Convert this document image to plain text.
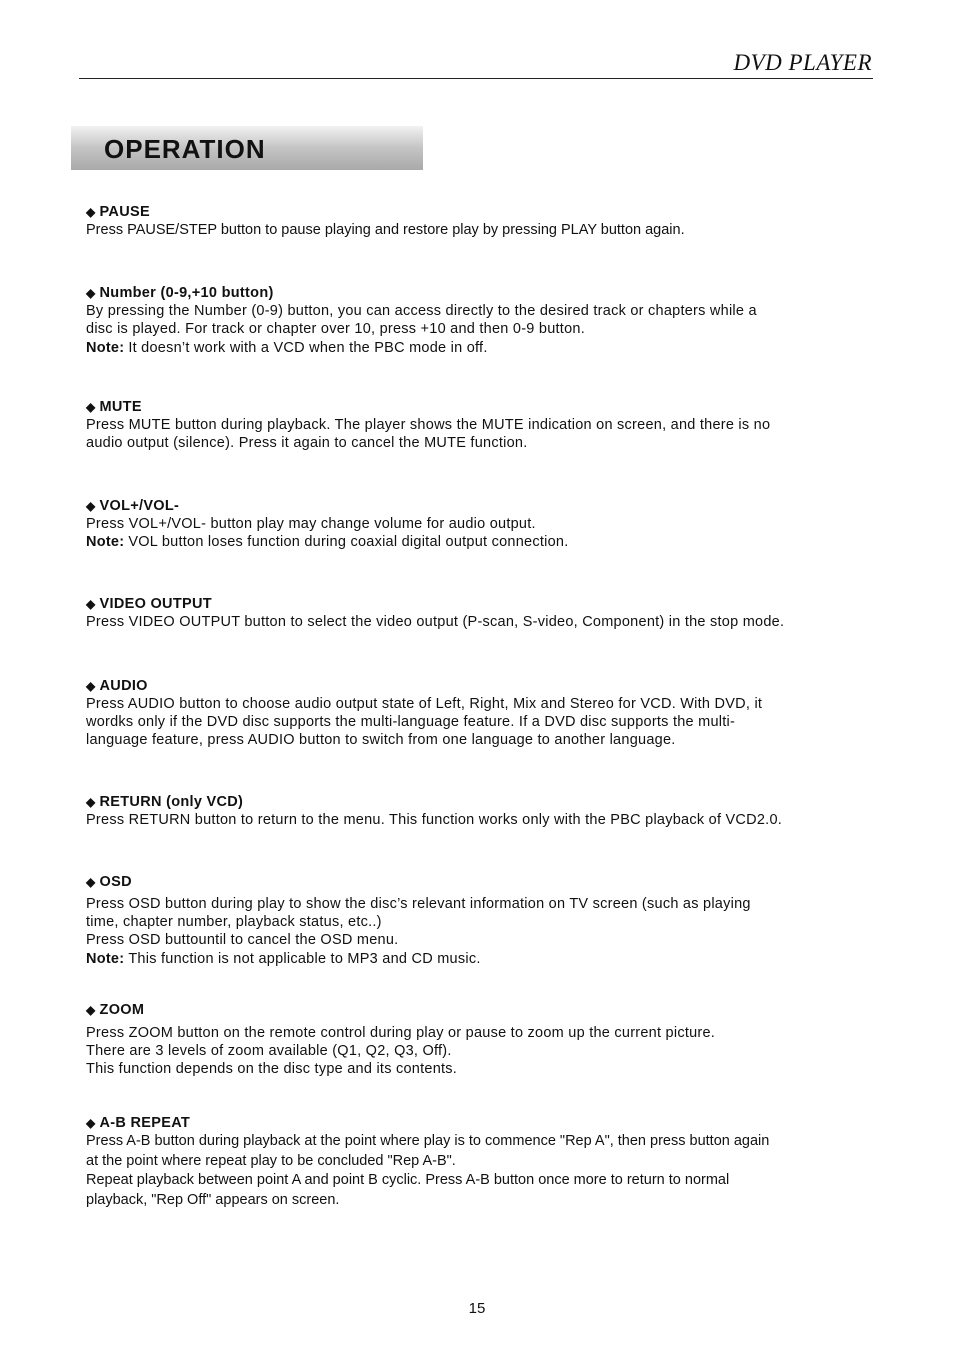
DVD PLAYER
OPERATION
◆ PAUSE
Press PAUSE/STEP button to pause playing and restore play by pressing PLAY button again.
◆ Number (0-9,+10 button)
By pressing the Number (0-9) button, you can access directly to the desired track or chapters while a
disc is played. For track or chapter over 10, press +10 and then 0-9 button.
Note: It doesn’t work with a VCD when the PBC mode in off.
◆ MUTE
Press MUTE button during playback. The player shows the MUTE indication on screen, and there is no
audio output (silence). Press it again to cancel the MUTE function.
◆ VOL+/VOL-
Press VOL+/VOL- button play may change volume for audio output.
Note: VOL button loses function during coaxial digital output connection.
◆ VIDEO OUTPUT
Press VIDEO OUTPUT button to select the video output (P-scan, S-video, Component) in the stop mode.
◆ AUDIO
Press AUDIO button to choose audio output state of Left, Right, Mix and Stereo for VCD. With DVD, it
wordks only if the DVD disc supports the multi-language feature. If a DVD disc supports the multi-
language feature, press AUDIO button to switch from one language to another language.
◆ RETURN (only VCD)
Press RETURN button to return to the menu. This function works only with the PBC playback of VCD2.0.
◆ OSD
Press OSD button during play to show the disc’s relevant information on TV screen (such as playing
time, chapter number, playback status, etc..)
Press OSD buttountil to cancel the OSD menu.
Note: This function is not applicable to MP3 and CD music.
◆ ZOOM
Press ZOOM button on the remote control during play or pause to zoom up the current picture.
There are 3 levels of zoom available (Q1, Q2, Q3, Off).
This function depends on the disc type and its contents.
◆ A-B REPEAT
Press A-B button during playback at the point where play is to commence "Rep A", then press button again
at the point where repeat play to be concluded "Rep A-B".
Repeat playback between point A and point B cyclic. Press A-B button once more to return to normal
playback, "Rep Off" appears on screen.
15
